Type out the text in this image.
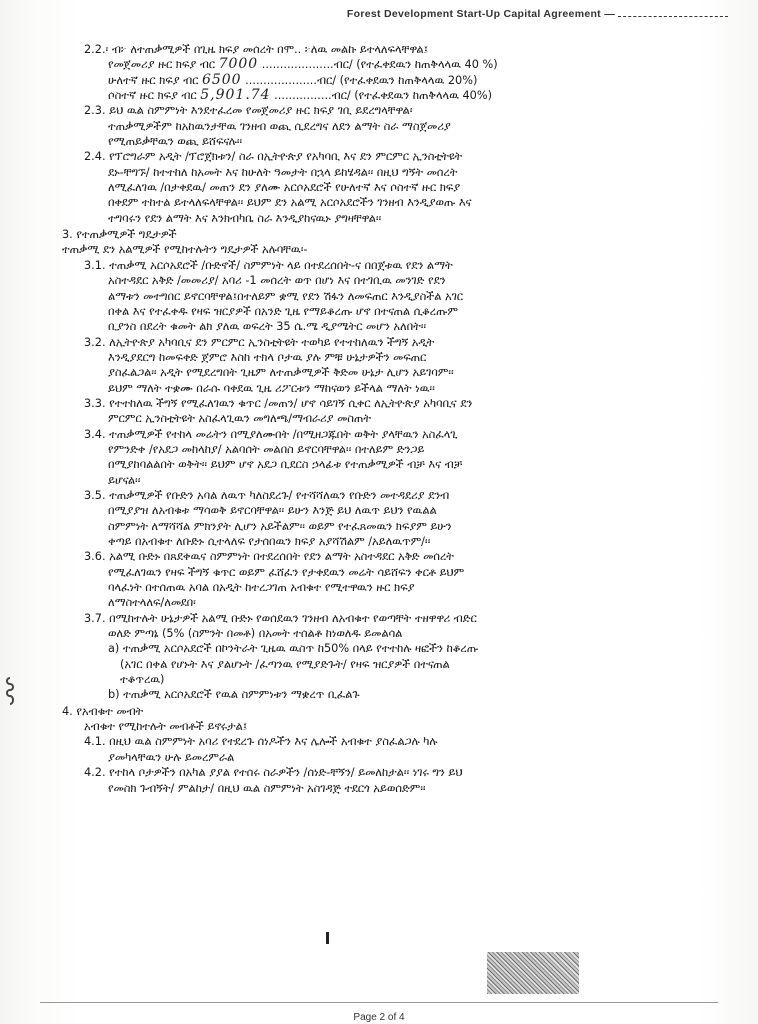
Forest Development Start-Up Capital Agreement —
2.2.፡ ብ፦ ለተጠቃሚዎች በጊዜ ክፍያ መሰረት በሞ.. ፦ለዉ መልኩ ይተላለፍላቸዋል፤
የመጀመሪያ ዙር ክፍያ ብር 7000 ....................ብር/ (የተፈቀደዉን ከጠቅላላዉ 40 %)
ሁለተኛ ዙር ክፍያ ብር 6500 ....................ብር/ (የተፈቀደዉን ከጠቅላላዉ 20%)
ሶስተኛ ዙር ክፍያ ብር 5,901.74 ................ብር/ (የተፈቀደዉን ከጠቅላላዉ 40%)
2.3. ይህ ዉል ስምምነት እንደተፈረመ የመጀመሪያ ዙር ክፍያ ገቢ ይደረግላቸዋል፡
ተጠቃሚዎችም ከአከዉንታቸዉ ገንዘብ ወጪ ሲደረግና ለደን ልማት ስራ ማስጀመሪያ
የሚጠይቃቸዉን ወጪ ይሸፍናሉ፡፡
2.4. የፕሮግራም አዲት /ፕሮጀክቱን/ ስራ በኢትዮጵያ የአካባቢ እና ደን ምርምር ኢንስቲትዩት
ደኑ-ቸግኙ/ ከተተከለ ከአመት እና ከሁለት ዓመታት በኋላ ይከሄዳል፡፡ በዚህ ግኝት መሰረት
ለሚፈለገዉ /በታቀደዉ/ መጠን ደን ያለሙ አርሶአደሮች የሁለተኛ እና ሶስተኛ ዙር ክፍያ
በቀደም ተከተል ይተላለፍላቸዋል፡፡ ይህም ደን አልሚ አርሶአደሮችን ገንዘብ እንዲያወጡ እና
ተግባሩን የደን ልማት እና እንክብካቤ ስራ እንዲያከናዉኑ ያግዛቸዋል፡፡
3. የተጠቃሚዎች ግዴታዎች
ተጠቃሚ ደን አልሚዎች የሚከተሉትን ግዴታዎች አሉባቸዉ፡-
3.1. ተጠቃሚ አርሶአደሮች /ቡድኖች/ ስምምነት ላይ በተደረሰበት-ና በበጀቱዉ የደን ልማት
አስተዳደር አቅድ /መመሪያ/ አባሪ -1 መሰረት ወጥ በሆነ እና በተገቢዉ መንገድ የደን
ልማቱን መተግበር ይኖርባቸዋል፤በተለይም ቋሚ የደን ሽፋን ለመፍጠር እንዲያስችል አገር
በቀል እና የተፈቀዱ የዛፍ ዝርያዎች በአንድ ጊዜ የማይቆረጡ ሆኖ በተናጠል ሲቆረጡም
ቢያንስ በደረት ቁመት ልክ ያለዉ ወፍረት 35 ሴ.ሜ ዲያሜትር መሆን አለበት፡፡
3.2. ለኢትዮጵያ አካባቢና ደን ምርምር ኢንስቲትዩት ተወካይ የተተከለዉን ችግኝ አዲት
እንዲያደርግ ከመፍቀድ ጀምሮ እስከ ተክላ ቦታዉ ያሉ ምቹ ሁኔታዎችን መፍጠር
ያስፈልጋል፡፡ አዲት የሚደረግበት ጊዜም ለተጠቃሚዎች ቅድመ ሁኔታ ሊሆን አይገባም፡፡
ይህም ማለት ተቋሙ በራሱ ባቀደዉ ጊዜ ሪፖርቱን ማከናወን ይችላል ማለት ነዉ፡፡
3.3. የተተከለዉ ችግኝ የሚፈለገዉን ቁጥር /መጠን/ ሆኖ ሳይገኝ ሲቀር ለኢትዮጵያ አካባቢና ደን
ምርምር ኢንስቲትዩት አስፈላጊዉን መግለጫ/ማብራሪያ መስጠት
3.4. ተጠቃሚዎች የተከላ መሬትን በሚያለሙበት /በሚዘጋጁበት ወቅት ያላቸዉን አስፈላጊ
የምንድቀ /የአደጋ መከላከያ/ አልባሰት መልበስ ይኖርባቸዋል፡፡ በተለይም ድንጋይ
በሚያከባልልበት ወቅት፡፡ ይህም ሆኖ አደጋ ቢደርስ ኃላፊቱ የተጠቃሚዎች ብቻ እና ብቻ
ይሆናል፡፡
3.5. ተጠቃሚዎች የቡድን አባል ለዉጥ ካለስደረጉ/ የተሻሻለዉን የቡድን መተዳደሪያ ደንብ
በሚያያዝ ለአብቁቱ ማሳወቅ ይኖርባቸዋል፡፡ ይሁን እንጅ ይህ ለዉጥ ይህን የዉልል
ስምምነት ለማሻሻል ምክንያት ሊሆን አይችልም፡፡ ወይም የተፈጸመዉን ክፍያም ይሁን
ቀጣይ በአብቁተ ለቡድኑ ሲተላለፍ የታሰበዉን ክፍያ አያሻሽልም /አይለዉጥም/፡፡
3.6. አልሚ ቡድኑ በጸደቀዉና ስምምነት በተደረሰበት የደን ልማት አስተዳደር አቅድ መሰረት
የሚፈለገዉን የዛፍ ችግኝ ቁጥር ወይም ፈሸፈን የታቀደዉን መሬት ሳይሸፍን ቀርቶ ይህም
ባላፈነት በተሰጠዉ አባል በአዲት ከተረጋገጠ አብቁተ የሚተዋዉን ዙር ክፍያ
ለማስተላለፍ/ለመደበ፡
3.7. በሚከተሉት ሁኔታዎች አልሚ ቡድኑ የወሰደዉን ገንዘብ ለአብቁተ የወጣቸት ተዘዋዋሪ ብድር
ወለድ ምጣኔ (5% (ስምንት በመቶ) በአመት ተሰልቶ ከነወለዱ ይመልሳል
a) ተጠቃሚ አርሶአደሮች በኮንትራት ጊዜዉ ዉስጥ ከ50% በላይ የተተከሉ ዛፎችን ከቆረጡ
(አገር በቀል የሆኑት እና ያልሆኑት /ፈጣንዉ የሚያድጉት/ የዛፍ ዝርያዎች በተናጠል
ተቆጥረዉ)
b) ተጠቃሚ አርሶአደሮች የዉል ስምምነቱን ማቋረጥ ቢፈልጉ
4. የአብቁተ መብት
አብቁተ የሚከተሉት መብቶች ይኖሩታል፤
4.1. በዚህ ዉል ስምምነት አባሪ የተደረጉ ሰነዶችን እና ሌሎች አብቁተ ያስፈልጋሉ ካሉ
ያመካላቸዉን ሁሉ ይመረምራል
4.2. የተከላ ቦታዎችን በአካል ያያል የተሰሩ ስራዎችን /ሰነድ-ቸኝን/ ይመለከታል፡፡ ነገሩ ግን ይህ
የመስክ ጉብኝት/ ምልከታ/ በዚህ ዉል ስምምነት አስገዳጅ ተደርጎ አይወሰድም፡፡
Page 2 of 4
